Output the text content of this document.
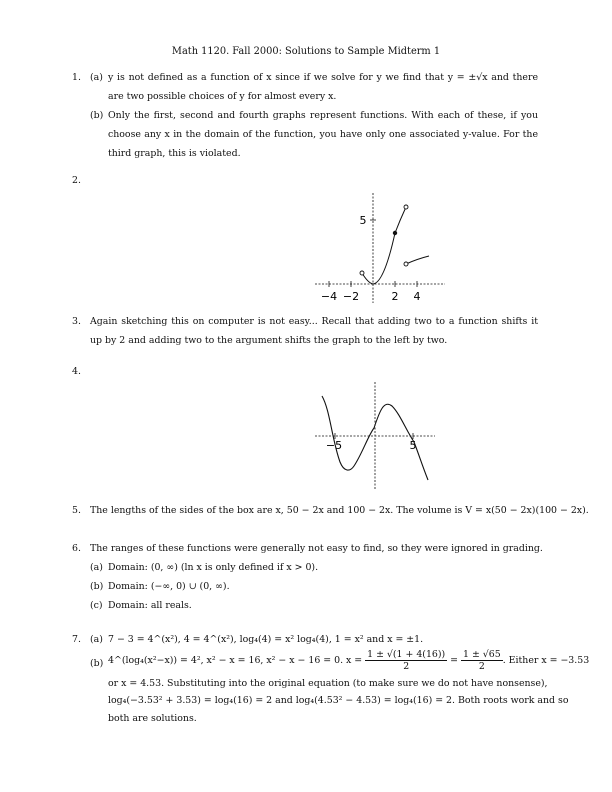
Math 1120. Fall 2000: Solutions to Sample Midterm 1
1. (a) y is not defined as a function of x since if we solve for y we find that y = ±√x and there are two possible choices of y for almost every x.
(b) Only the first, second and fourth graphs represent functions. With each of these, if you choose any x in the domain of the function, you have only one associated y-value. For the third graph, this is violated.
2.
5
−4 −2	2 4
3. Again sketching this on computer is not easy... Recall that adding two to a function shifts it up by 2 and adding two to the argument shifts the graph to the left by two.
4.
−5	5
5. The lengths of the sides of the box are x, 50 − 2x and 100 − 2x. The volume is V = x(50 − 2x)(100 − 2x).
6. The ranges of these functions were generally not easy to find, so they were ignored in grading.
(a) Domain: (0, ∞) (ln x is only defined if x > 0).
(b) Domain: (−∞, 0) ∪ (0, ∞).
(c) Domain: all reals.
7. (a) 7 − 3 = 4^(x²), 4 = 4^(x²), log₄(4) = x² log₄(4), 1 = x² and x = ±1.
(b) 4^(log₄(x²−x)) = 4², x² − x = 16, x² − x − 16 = 0. $x = \frac{1 \pm √(1 + 4(16))}{2} = \frac{1 \pm √65}{2}$ . Either x = −3.53
or x = 4.53. Substituting into the original equation (to make sure we do not have nonsense),
log₄(−3.53² + 3.53) = log₄(16) = 2 and log₄(4.53² − 4.53) = log₄(16) = 2. Both roots work and so
both are solutions.
